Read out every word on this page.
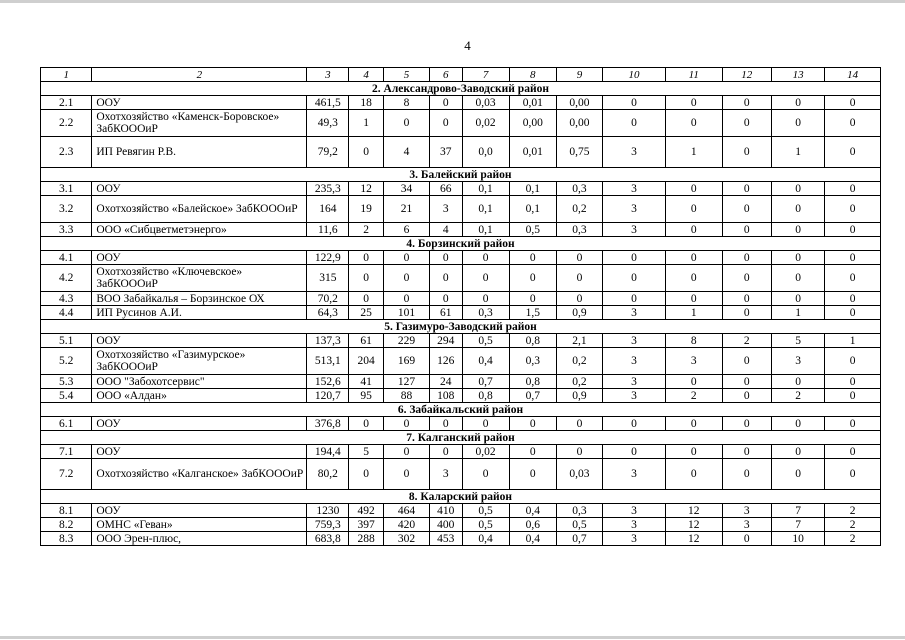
4
1	2	3	4	5	6	7	8	9	10	11	12	13	14
2. Александрово-Заводский район													
2.1	ООУ	461,5	18	8	0	0,03	0,01	0,00	0	0	0	0	0
2.2	Охотхозяйство «Каменск-Боровское» ЗабКОООиР	49,3	1	0	0	0,02	0,00	0,00	0	0	0	0	0
2.3	ИП Ревягин Р.В.	79,2	0	4	37	0,0	0,01	0,75	3	1	0	1	0
3. Балейский район													
3.1	ООУ	235,3	12	34	66	0,1	0,1	0,3	3	0	0	0	0
3.2	Охотхозяйство «Балейское» ЗабКОООиР	164	19	21	3	0,1	0,1	0,2	3	0	0	0	0
3.3	ООО «Сибцветметэнерго»	11,6	2	6	4	0,1	0,5	0,3	3	0	0	0	0
4. Борзинский район													
4.1	ООУ	122,9	0	0	0	0	0	0	0	0	0	0	0
4.2	Охотхозяйство «Ключевское» ЗабКОООиР	315	0	0	0	0	0	0	0	0	0	0	0
4.3	ВОО Забайкалья – Борзинское ОХ	70,2	0	0	0	0	0	0	0	0	0	0	0
4.4	ИП Русинов А.И.	64,3	25	101	61	0,3	1,5	0,9	3	1	0	1	0
5. Газимуро-Заводский район													
5.1	ООУ	137,3	61	229	294	0,5	0,8	2,1	3	8	2	5	1
5.2	Охотхозяйство «Газимурское» ЗабКОООиР	513,1	204	169	126	0,4	0,3	0,2	3	3	0	3	0
5.3	ООО "Забохотсервис"	152,6	41	127	24	0,7	0,8	0,2	3	0	0	0	0
5.4	ООО «Алдан»	120,7	95	88	108	0,8	0,7	0,9	3	2	0	2	0
6. Забайкальский район													
6.1	ООУ	376,8	0	0	0	0	0	0	0	0	0	0	0
7. Калганский район													
7.1	ООУ	194,4	5	0	0	0,02	0	0	0	0	0	0	0
7.2	Охотхозяйство «Калганское» ЗабКОООиР	80,2	0	0	3	0	0	0,03	3	0	0	0	0
8. Каларский район													
8.1	ООУ	1230	492	464	410	0,5	0,4	0,3	3	12	3	7	2
8.2	ОМНС «Геван»	759,3	397	420	400	0,5	0,6	0,5	3	12	3	7	2
8.3	ООО Эрен-плюс,	683,8	288	302	453	0,4	0,4	0,7	3	12	0	10	2
